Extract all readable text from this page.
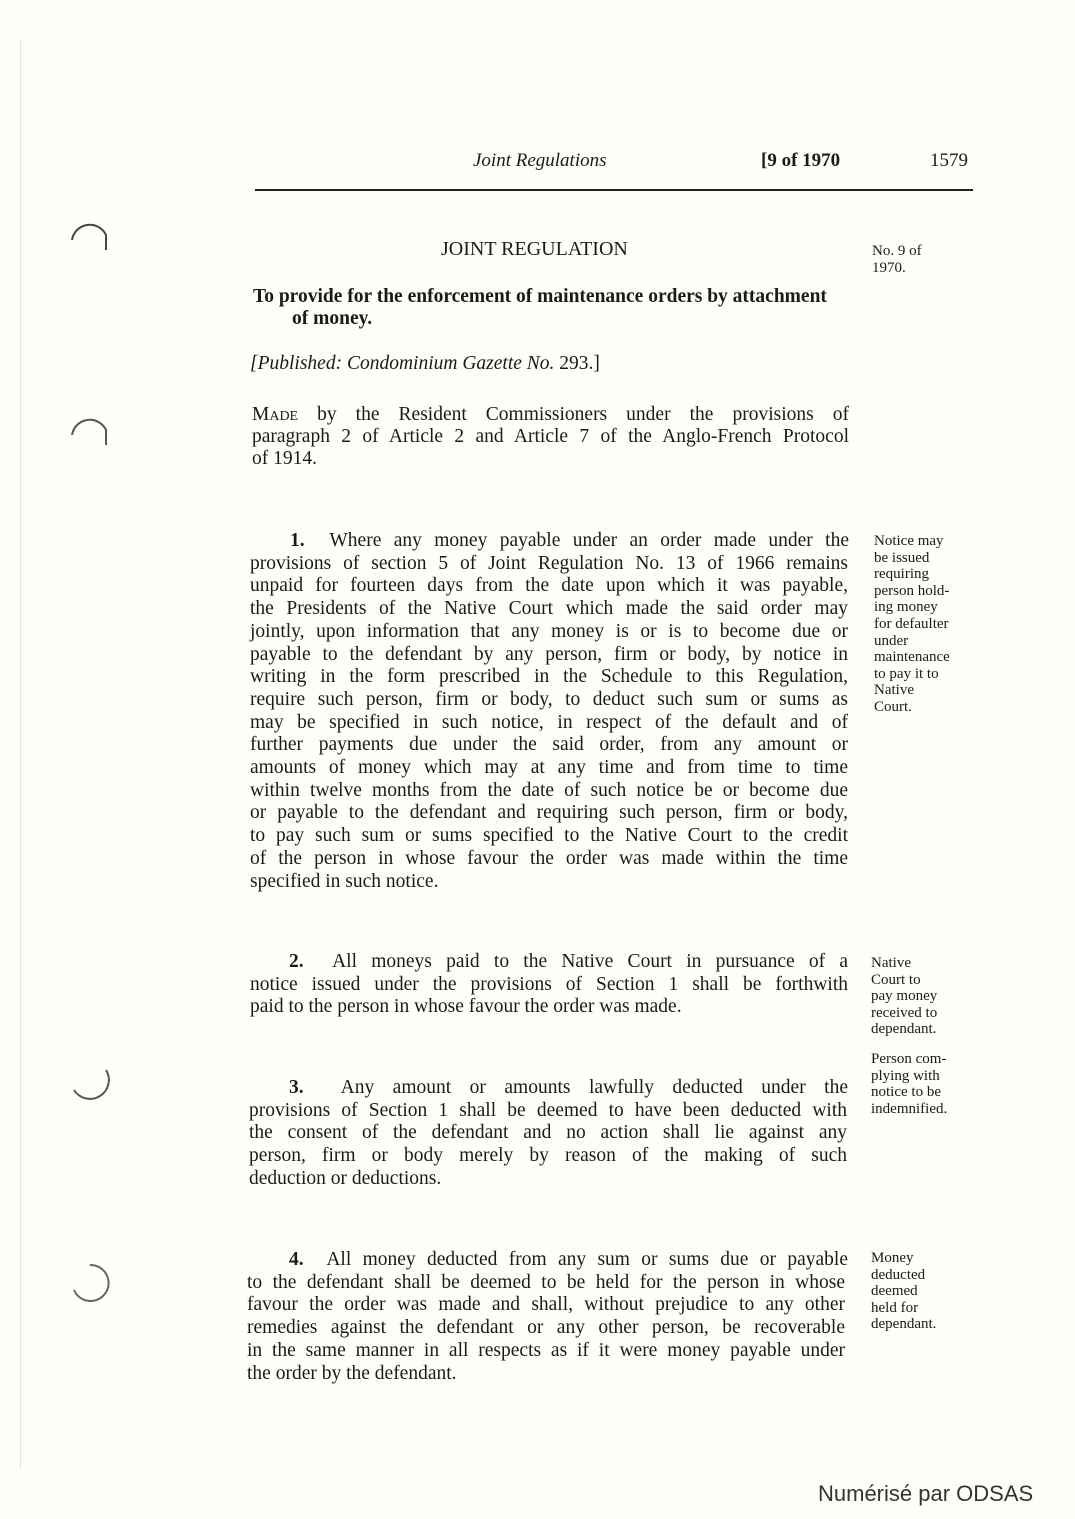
Joint Regulations	[9 of 1970	1579
JOINT REGULATION	No. 9 of
1970.
To provide for the enforcement of maintenance orders by attachment
of money.
[Published: Condominium Gazette No. 293.]
Made by the Resident Commissioners under the provisions of
paragraph 2 of Article 2 and Article 7 of the Anglo-French Protocol
of 1914.
1. Where any money payable under an order made under the
provisions of section 5 of Joint Regulation No. 13 of 1966 remains
unpaid for fourteen days from the date upon which it was payable,
the Presidents of the Native Court which made the said order may
jointly, upon information that any money is or is to become due or
payable to the defendant by any person, firm or body, by notice in
writing in the form prescribed in the Schedule to this Regulation,
require such person, firm or body, to deduct such sum or sums as
may be specified in such notice, in respect of the default and of
further payments due under the said order, from any amount or
amounts of money which may at any time and from time to time
within twelve months from the date of such notice be or become due
or payable to the defendant and requiring such person, firm or body,
to pay such sum or sums specified to the Native Court to the credit
of the person in whose favour the order was made within the time
specified in such notice.
Notice may
be issued
requiring
person hold-
ing money
for defaulter
under
maintenance
to pay it to
Native
Court.
2. All moneys paid to the Native Court in pursuance of a
notice issued under the provisions of Section 1 shall be forthwith
paid to the person in whose favour the order was made.
Native
Court to
pay money
received to
dependant.
3. Any amount or amounts lawfully deducted under the
provisions of Section 1 shall be deemed to have been deducted with
the consent of the defendant and no action shall lie against any
person, firm or body merely by reason of the making of such
deduction or deductions.
Person com-
plying with
notice to be
indemnified.
4. All money deducted from any sum or sums due or payable
to the defendant shall be deemed to be held for the person in whose
favour the order was made and shall, without prejudice to any other
remedies against the defendant or any other person, be recoverable
in the same manner in all respects as if it were money payable under
the order by the defendant.
Money
deducted
deemed
held for
dependant.
Numérisé par ODSAS
